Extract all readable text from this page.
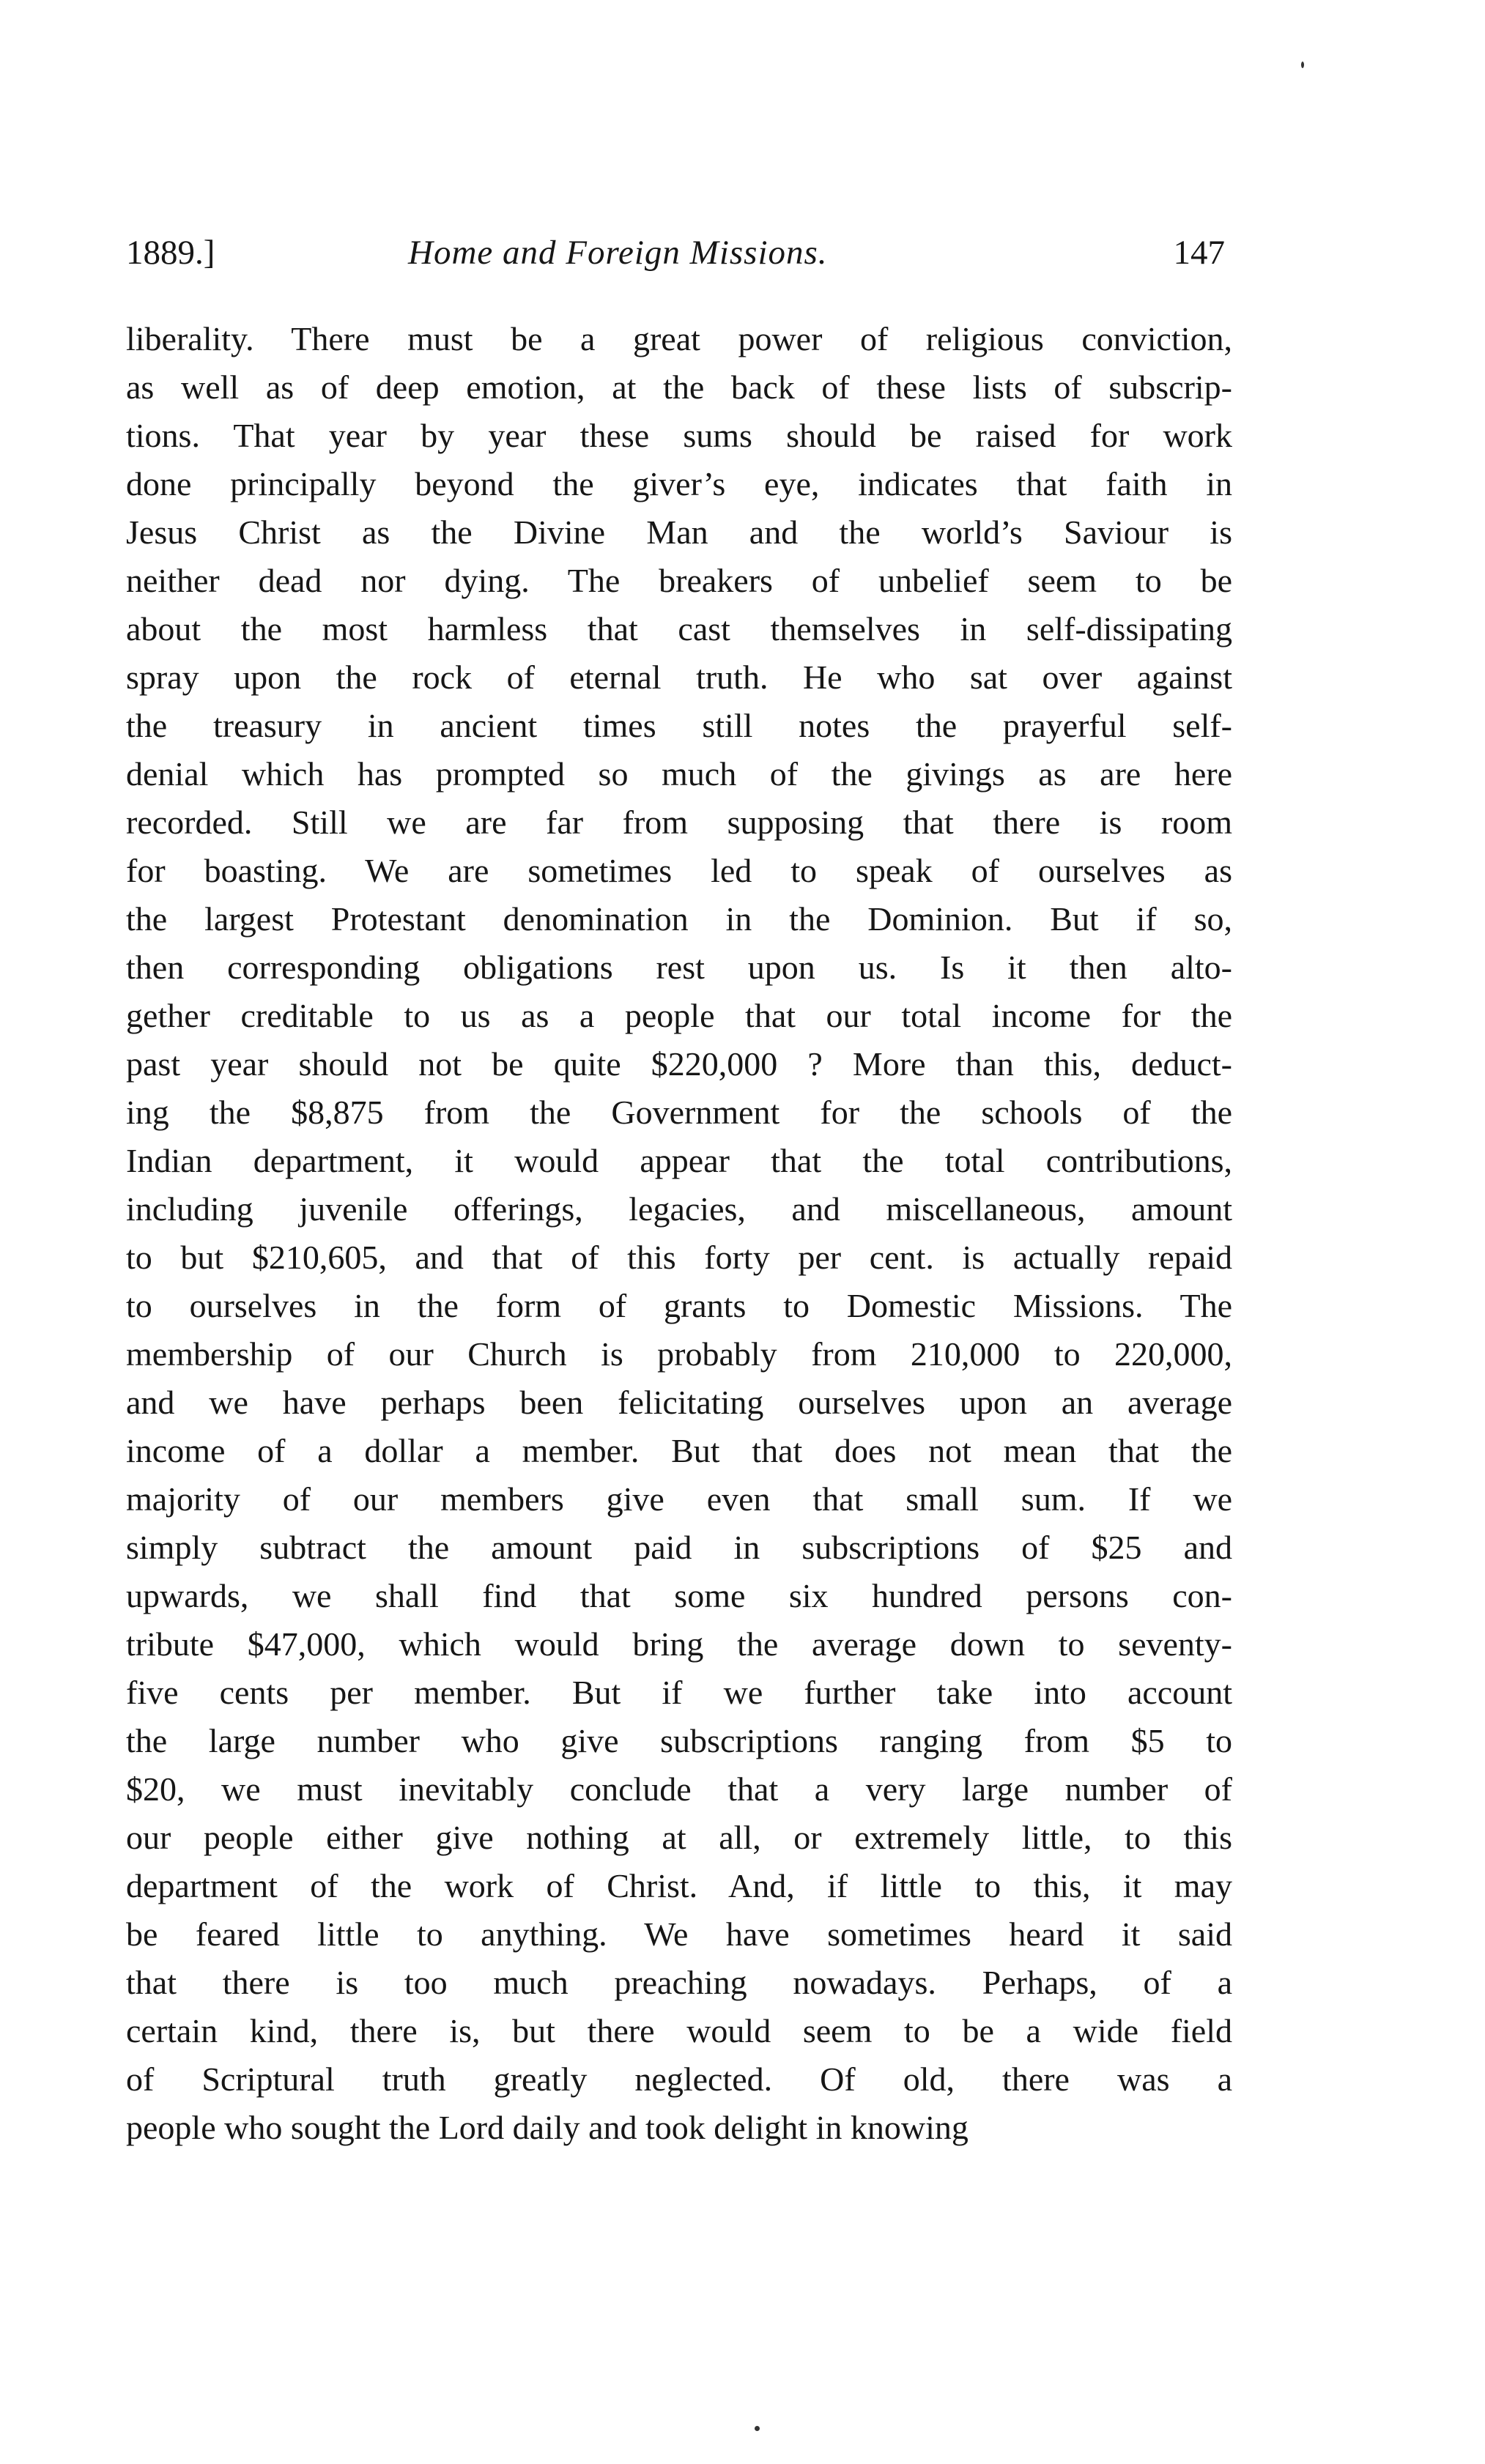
1889.]	Home and Foreign Missions.	147
liberality. There must be a great power of religious conviction,
as well as of deep emotion, at the back of these lists of subscrip-
tions. That year by year these sums should be raised for work
done principally beyond the giver’s eye, indicates that faith in
Jesus Christ as the Divine Man and the world’s Saviour is
neither dead nor dying. The breakers of unbelief seem to be
about the most harmless that cast themselves in self-dissipating
spray upon the rock of eternal truth. He who sat over against
the treasury in ancient times still notes the prayerful self-
denial which has prompted so much of the givings as are here
recorded. Still we are far from supposing that there is room
for boasting. We are sometimes led to speak of ourselves as
the largest Protestant denomination in the Dominion. But if so,
then corresponding obligations rest upon us. Is it then alto-
gether creditable to us as a people that our total income for the
past year should not be quite $220,000 ? More than this, deduct-
ing the $8,875 from the Government for the schools of the
Indian department, it would appear that the total contributions,
including juvenile offerings, legacies, and miscellaneous, amount
to but $210,605, and that of this forty per cent. is actually repaid
to ourselves in the form of grants to Domestic Missions. The
membership of our Church is probably from 210,000 to 220,000,
and we have perhaps been felicitating ourselves upon an average
income of a dollar a member. But that does not mean that the
majority of our members give even that small sum. If we
simply subtract the amount paid in subscriptions of $25 and
upwards, we shall find that some six hundred persons con-
tribute $47,000, which would bring the average down to seventy-
five cents per member. But if we further take into account
the large number who give subscriptions ranging from $5 to
$20, we must inevitably conclude that a very large number of
our people either give nothing at all, or extremely little, to this
department of the work of Christ. And, if little to this, it may
be feared little to anything. We have sometimes heard it said
that there is too much preaching nowadays. Perhaps, of a
certain kind, there is, but there would seem to be a wide field
of Scriptural truth greatly neglected. Of old, there was a
people who sought the Lord daily and took delight in knowing
